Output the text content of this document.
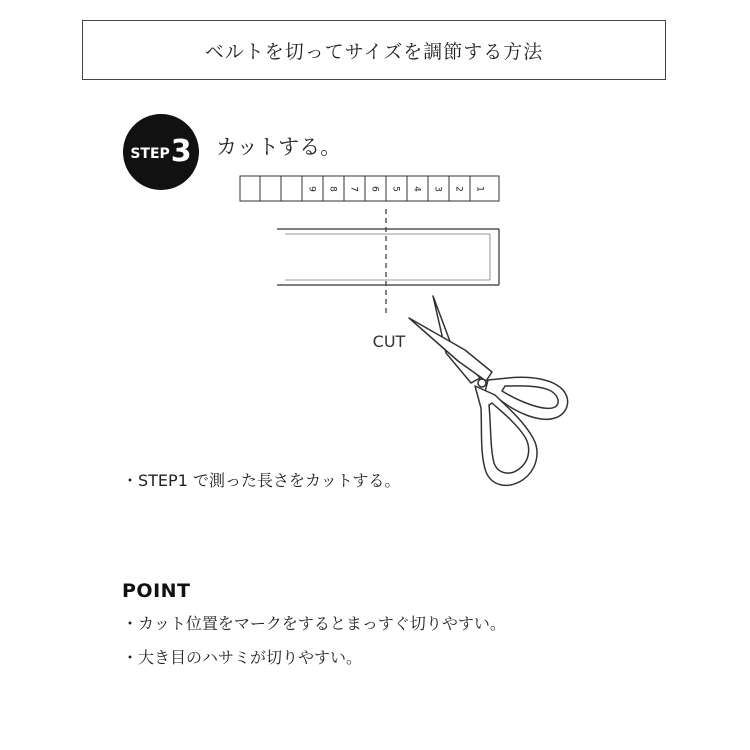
ベルトを切ってサイズを調節する方法
STEP 3 カットする。
1
2
3
4
5
6
7
8
9
CUT
・STEP1 で測った長さをカットする。
POINT
・カット位置をマークをするとまっすぐ切りやすい。
・大き目のハサミが切りやすい。
